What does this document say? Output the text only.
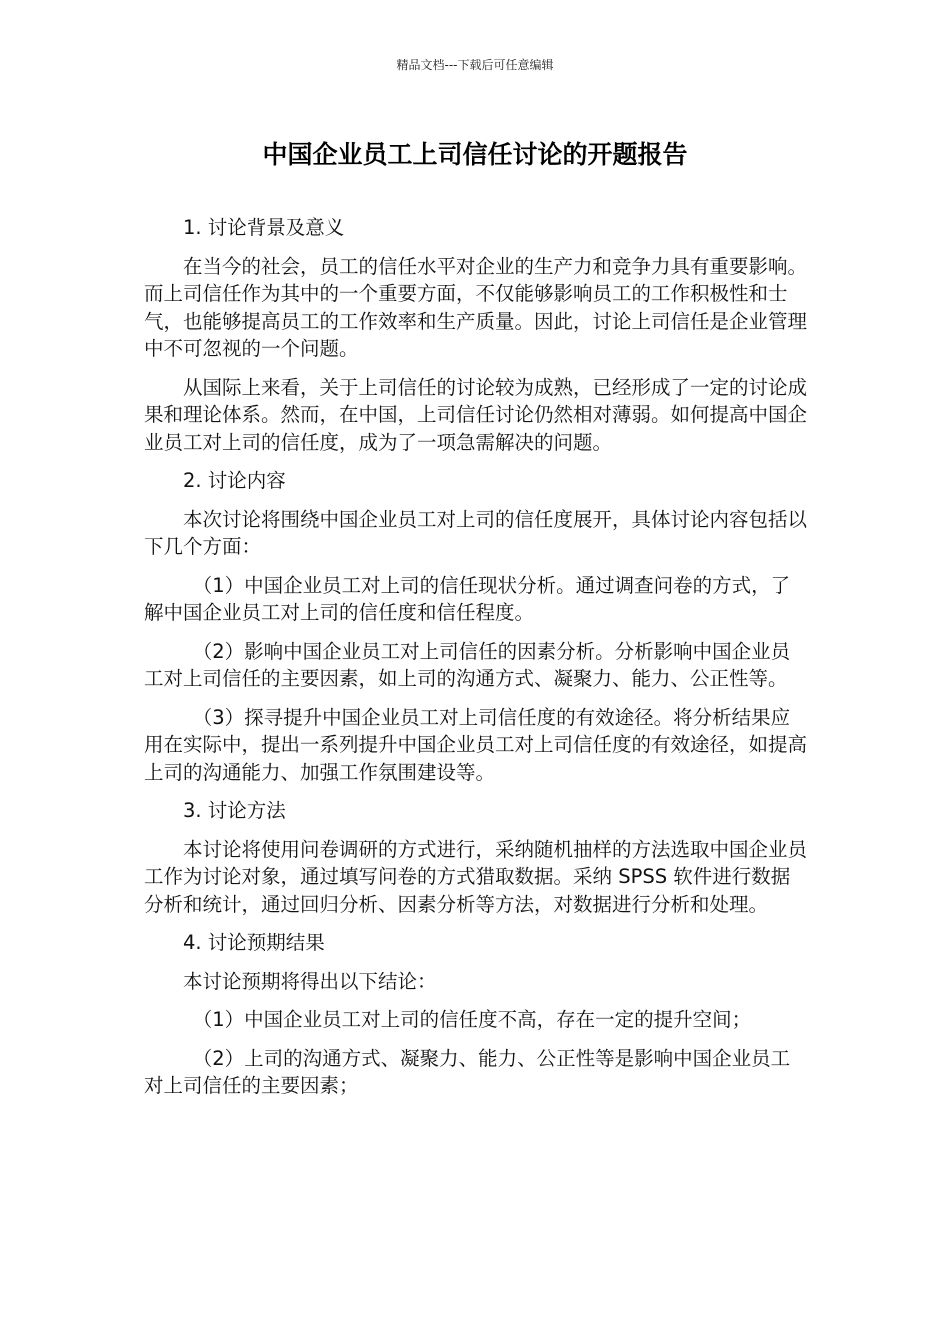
精品文档---下载后可任意编辑
中国企业员工上司信任讨论的开题报告

1. 讨论背景及意义

在当今的社会，员工的信任水平对企业的生产力和竞争力具有重要影响。而上司信任作为其中的一个重要方面，不仅能够影响员工的工作积极性和士气，也能够提高员工的工作效率和生产质量。因此，讨论上司信任是企业管理中不可忽视的一个问题。

从国际上来看，关于上司信任的讨论较为成熟，已经形成了一定的讨论成果和理论体系。然而，在中国，上司信任讨论仍然相对薄弱。如何提高中国企业员工对上司的信任度，成为了一项急需解决的问题。

2. 讨论内容

本次讨论将围绕中国企业员工对上司的信任度展开，具体讨论内容包括以下几个方面：

（1）中国企业员工对上司的信任现状分析。通过调查问卷的方式，了解中国企业员工对上司的信任度和信任程度。

（2）影响中国企业员工对上司信任的因素分析。分析影响中国企业员工对上司信任的主要因素，如上司的沟通方式、凝聚力、能力、公正性等。

（3）探寻提升中国企业员工对上司信任度的有效途径。将分析结果应用在实际中，提出一系列提升中国企业员工对上司信任度的有效途径，如提高上司的沟通能力、加强工作氛围建设等。

3. 讨论方法

本讨论将使用问卷调研的方式进行，采纳随机抽样的方法选取中国企业员工作为讨论对象，通过填写问卷的方式猎取数据。采纳 SPSS 软件进行数据分析和统计，通过回归分析、因素分析等方法，对数据进行分析和处理。

4. 讨论预期结果

本讨论预期将得出以下结论：

（1）中国企业员工对上司的信任度不高，存在一定的提升空间；

（2）上司的沟通方式、凝聚力、能力、公正性等是影响中国企业员工对上司信任的主要因素；
